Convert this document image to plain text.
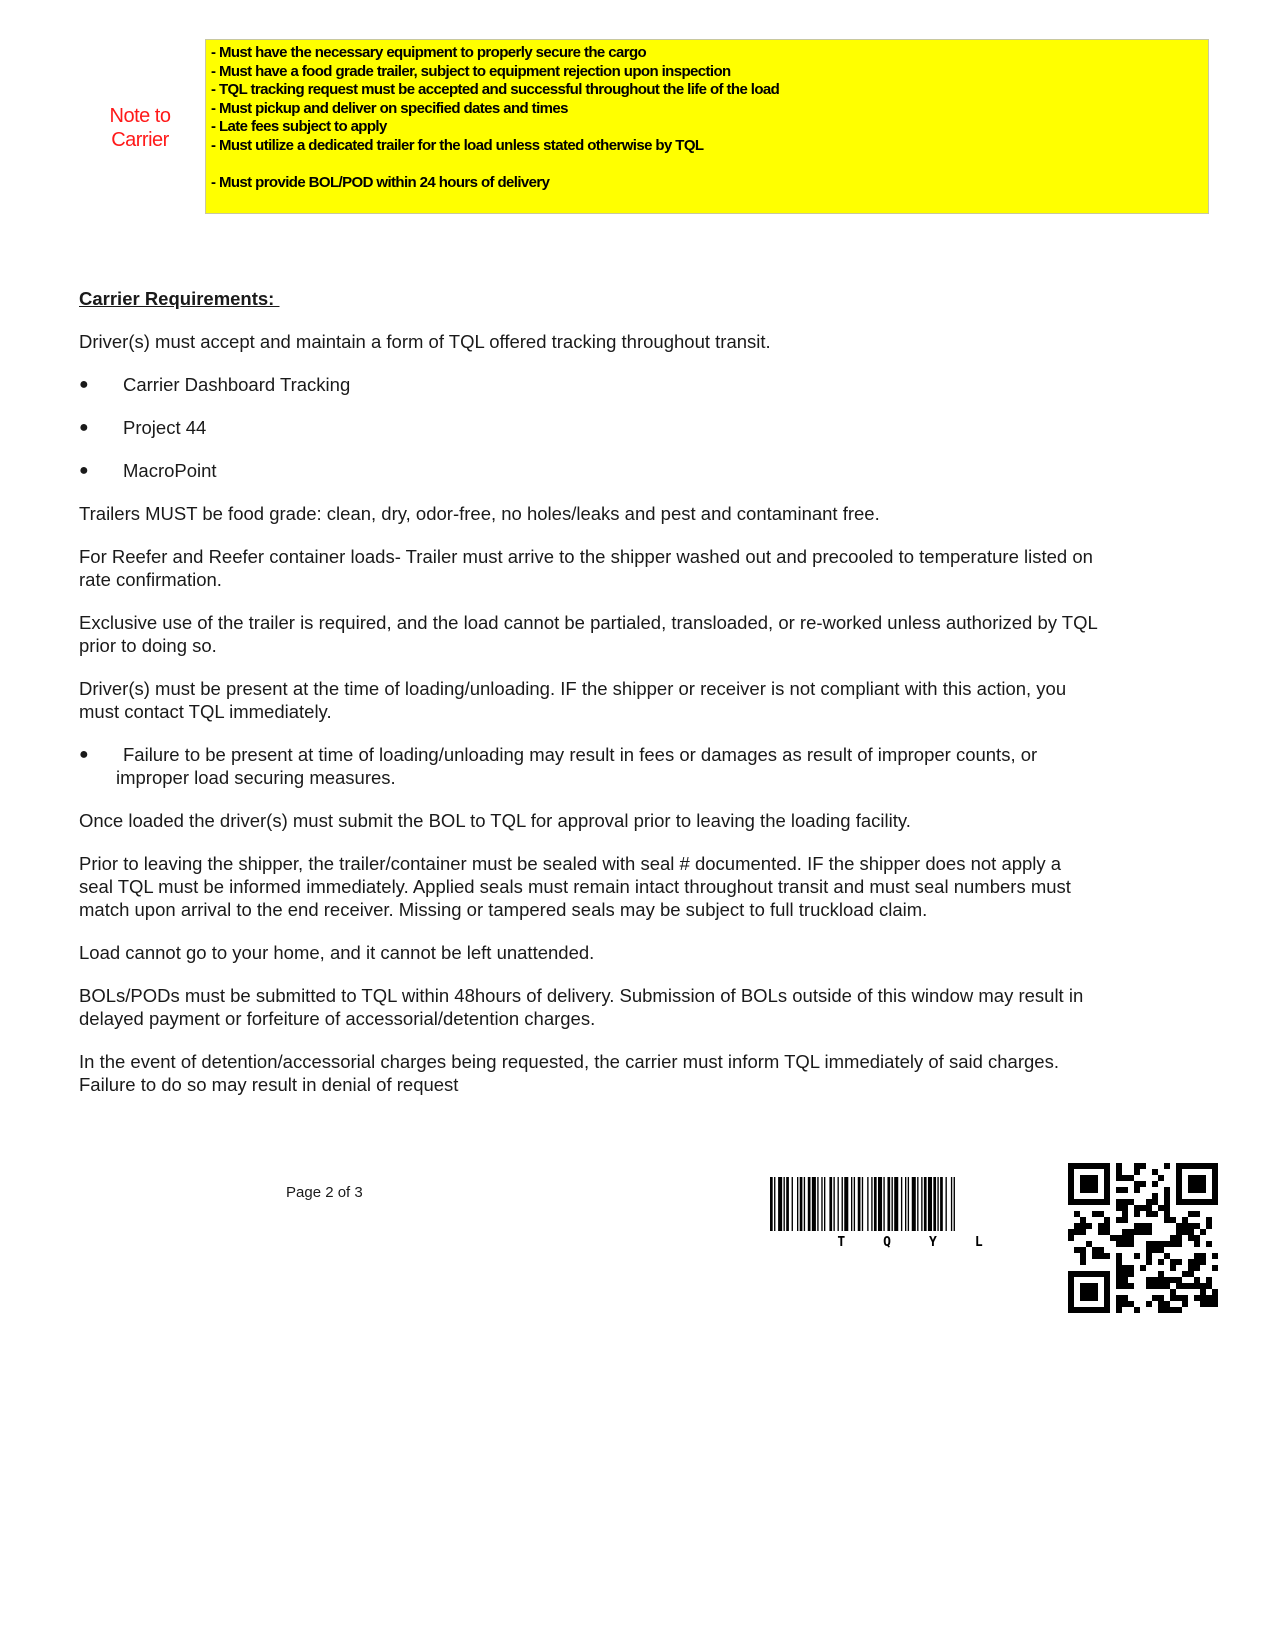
Note to
Carrier
- Must have the necessary equipment to properly secure the cargo
- Must have a food grade trailer, subject to equipment rejection upon inspection
- TQL tracking request must be accepted and successful throughout the life of the load
- Must pickup and deliver on specified dates and times
- Late fees subject to apply
- Must utilize a dedicated trailer for the load unless stated otherwise by TQL
- Must provide BOL/POD within 24 hours of delivery
Carrier Requirements:
Driver(s) must accept and maintain a form of TQL offered tracking throughout transit.
●	Carrier Dashboard Tracking
●	Project 44
●	MacroPoint
Trailers MUST be food grade: clean, dry, odor-free, no holes/leaks and pest and contaminant free.
For Reefer and Reefer container loads- Trailer must arrive to the shipper washed out and precooled to temperature listed on rate confirmation.
Exclusive use of the trailer is required, and the load cannot be partialed, transloaded, or re-worked unless authorized by TQL prior to doing so.
Driver(s) must be present at the time of loading/unloading. IF the shipper or receiver is not compliant with this action, you must contact TQL immediately.
●	Failure to be present at time of loading/unloading may result in fees or damages as result of improper counts, or improper load securing measures.
Once loaded the driver(s) must submit the BOL to TQL for approval prior to leaving the loading facility.
Prior to leaving the shipper, the trailer/container must be sealed with seal # documented. IF the shipper does not apply a seal TQL must be informed immediately. Applied seals must remain intact throughout transit and must seal numbers must match upon arrival to the end receiver. Missing or tampered seals may be subject to full truckload claim.
Load cannot go to your home, and it cannot be left unattended.
BOLs/PODs must be submitted to TQL within 48hours of delivery. Submission of BOLs outside of this window may result in delayed payment or forfeiture of accessorial/detention charges.
In the event of detention/accessorial charges being requested, the carrier must inform TQL immediately of said charges. Failure to do so may result in denial of request
Page 2 of 3
T	Q	Y	L
